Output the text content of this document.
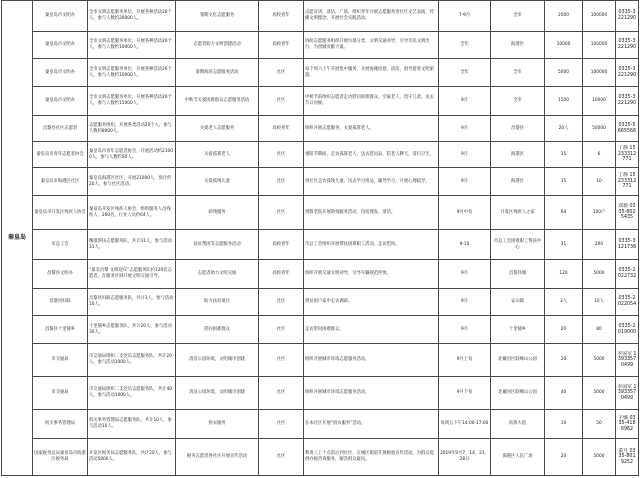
秦皇岛	秦皇岛市文明办	全市文明志愿服务单位，开展各种活动20个人，参与人数约20000人。	暑期文化志愿服务	高校青年	志愿宣讲，清洁，广场，组织青年开展志愿服务进社区文艺表演，传播文明理念，开展社会实践活动。	7-9月	全市	2000	100000	0335-3221290
	秦皇岛市文明办	全市文明志愿服务单位，开展各种活动20个人，参与人数约10000人。	志愿者助力文明创建活动	高校青年	协助志愿服务组织开展垃圾分类、文明交通劝导，引导市民文明出行，为创城贡献力量。	全年	海港区	10000	100000	0335-3221290
	秦皇岛市文明办	全市文明志愿服务单位，开展各种活动20个人，参与人数约10000人。	暑期海滨志愿服务活动	社区	每个周六上午开展集中服务，开展海滩捡拾、清洁，倡导游客文明旅游。	全年	全市	5000	100000	0335-3221290
	秦皇岛市文明办	全市文明志愿服务单位，开展各种活动20个人，参与人数约15000人。	中秋节关爱困难群众志愿服务活动	社区	中秋节前组织志愿者走访慰问困难群众、空巢老人、留守儿童，送去节日问候。	9月	全市	1500	10000	0335-3221290
	昌黎县社区志愿者	志愿服务组织，开展各类活动20个人，参与人数约8000人。	关爱老人志愿服务	高校青年	组织开展志愿服务，关爱孤寡老人。	9月	昌黎县	20人	50000	0335-5665566
	秦皇岛市青年志愿者协会	秦皇岛市青年志愿者协会，开展活动约21000人，参与人数约50人。	关爱孤寡老人	社区	重阳节期间，走访孤寡老人，送去慰问品，陪老人聊天，清扫卫生。	9月	海港区	15	6	丁静 15233312771
	秦皇岛市海港区社区	秦皇岛海港区社区，开展21000人，预计约20人，参与社区活动。	关爱孤残儿童	社区	到社区走访孤残儿童，送去学习用品，辅导学习，开展心理疏导。	9月	海港区	15	10	丁静 15233312771
	秦皇岛市开发区残疾人协会	秦皇岛开发区残疾人协会，组织服务人员残疾人、260名，行业人员约64人。	助残服务	社区	到敬老院开展助残服务活动，包括理发、清洁。	9月中旬	开发区残疾人之家	64	100户	郑薇 0335-8025435
	市总工会	精准帮扶志愿服务队，共计31人，参与活动31人。	扶贫帮困等志愿服务活动	高校青年	市总工会组织开展帮扶困难职工活动，走访慰问。	9-10	市总工会困难职工帮扶中心	31	200	0335-3121736
	昌黎县文明办	“最美昌黎 文明迎宾”志愿服务队约120名志愿者，在服务区域开展文明交通引导。	志愿者助力文明交通	高校青年	组织开展交通文明劝导，引导车辆规范停放。	9月	昌黎县城	120	5000	0335-2022732
	昌黎县妇联	昌黎县妇联志愿服务队，共计3人，参与活动10人。	助力扶贫项目	社区	到贫困户家中走访调研。	9月	安山镇	3人	10人	0335-2022054
	昌黎县十里铺乡	十里铺乡志愿服务队，共计20人，参与活动30人。	慰问困难群众	社区	走访慰问困难群众。	9月	十里铺乡	20	80	0335-2019000
	市交通局	市交通局组织二支党员志愿服务队，共计20人，参与活动1000人。	清洁公园环境，文明城市创建	社区	组织开展城市环境志愿服务活动。	9月上旬	北戴河区联峰山公园	20	5000	李国军 13933570499
	市交通局	市交通局组织二支党员志愿服务队，共计40人，参与活动1000人。	清洁公园环境，文明城市创建	社区	组织开展城市环境志愿服务活动。	9月下旬	北戴河区联峰山公园	40	5000	李国军 13933570499
	机关事务管理局	机关事务管理局志愿服务队，共计10人，参与活动10人。	捐衣服务	社区	在本社区开展“捐衣服务”活动。	每周五下午14:00-17:00	滨海大道	10	50	王娜 0335-4186962
	国家税务总局秦皇岛市海港区税务局	开发区税务局志愿服务队，共计20人，参与活动5000人。	税务志愿者进社区开展宣传活动	社区	利用八上十点前后到社区，在城区街道开展税收宣传活动，为群众提供办税咨询服务，解答群众疑问。	2019年9月7、14、21、28日	海港区人民广场	20	5000	董凡 0335-8019252
